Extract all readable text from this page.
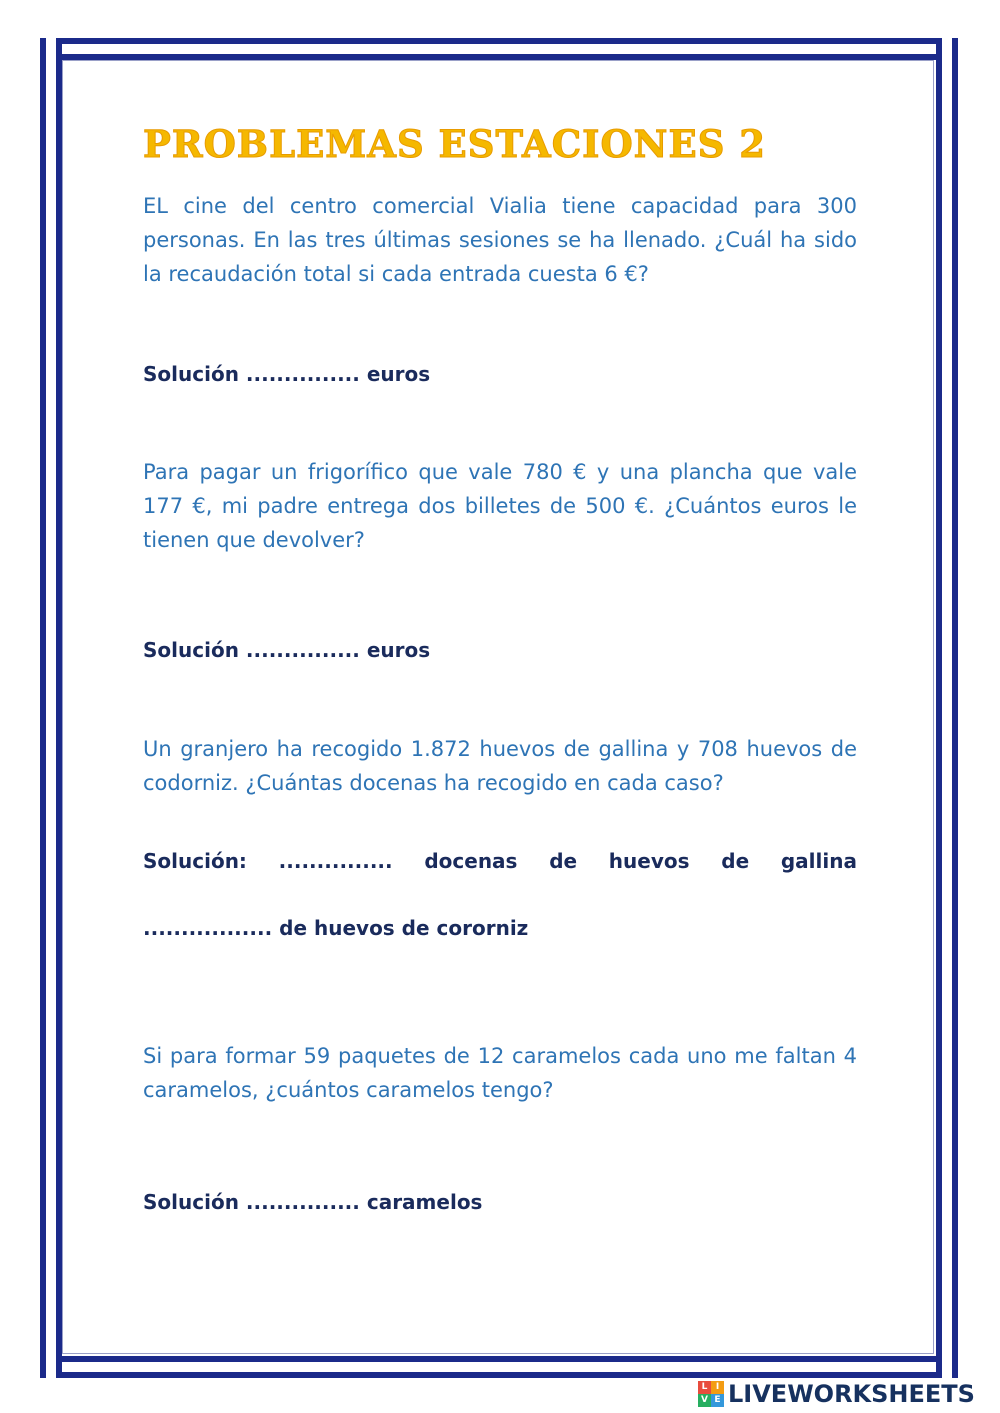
PROBLEMAS ESTACIONES 2
EL cine del centro comercial Vialia tiene capacidad para 300 personas. En las tres últimas sesiones se ha llenado. ¿Cuál ha sido la recaudación total si cada entrada cuesta 6 €?
Solución ............... euros
Para pagar un frigorífico que vale 780 € y una plancha que vale 177 €, mi padre entrega dos billetes de 500 €. ¿Cuántos euros le tienen que devolver?
Solución ............... euros
Un granjero ha recogido 1.872 huevos de gallina y 708 huevos de codorniz. ¿Cuántas docenas ha recogido en cada caso?
Solución: ............... docenas de huevos de gallina
................. de huevos de cororniz
Si para formar 59 paquetes de 12 caramelos cada uno me faltan 4 caramelos, ¿cuántos caramelos tengo?
Solución ............... caramelos
L I
V E LIVEWORKSHEETS
